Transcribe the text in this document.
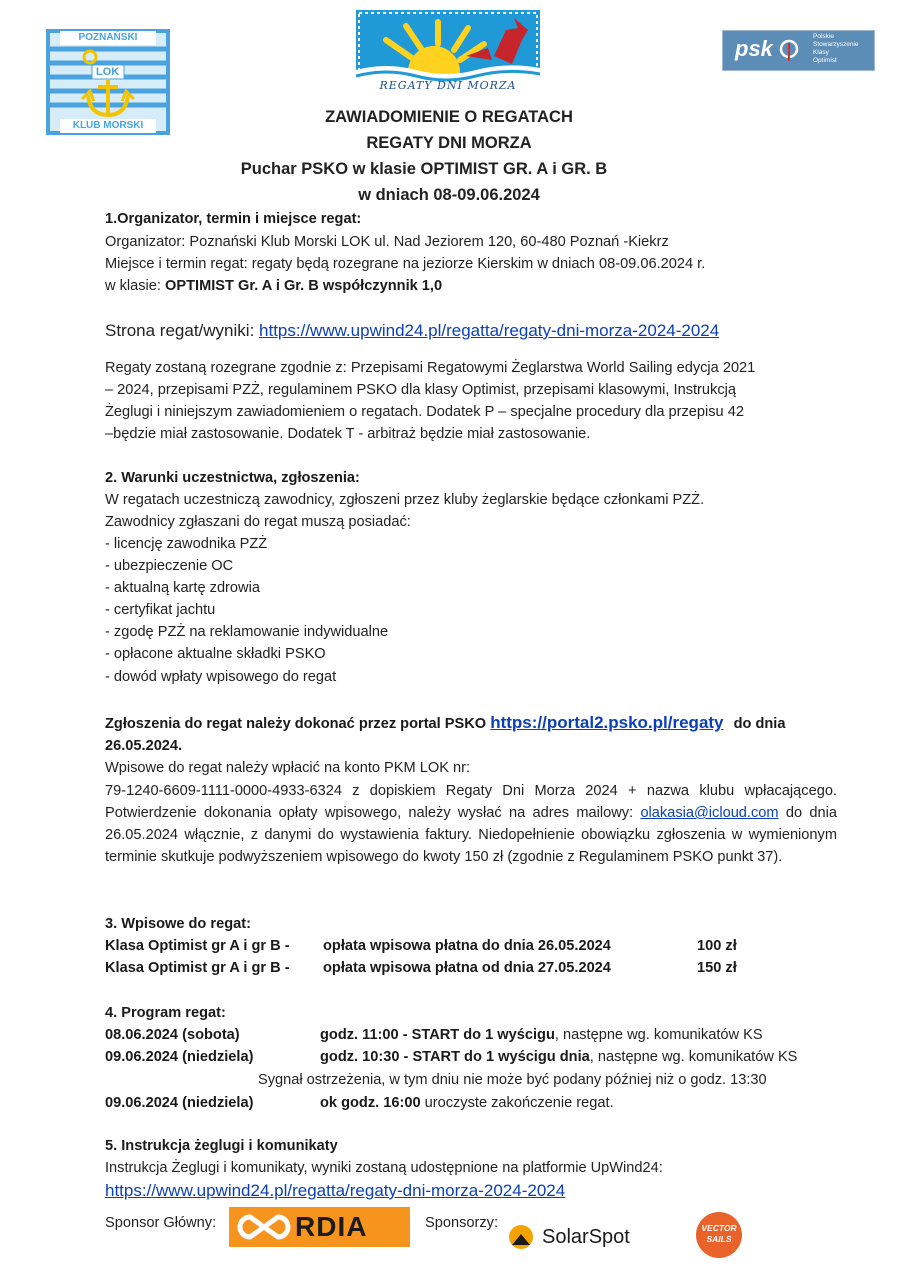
POZNAŃSKI
LOK
KLUB MORSKI
REGATY DNI MORZA
psk	Polskie
Stowarzyszenie
Klasy
Optimist
ZAWIADOMIENIE O REGATACH
REGATY DNI MORZA
Puchar PSKO w klasie OPTIMIST GR. A i GR. B
w dniach 08-09.06.2024
1.Organizator, termin i miejsce regat:
Organizator: Poznański Klub Morski LOK ul. Nad Jeziorem 120, 60-480 Poznań -Kiekrz
Miejsce i termin regat: regaty będą rozegrane na jeziorze Kierskim w dniach 08-09.06.2024 r.
w klasie: OPTIMIST Gr. A i Gr. B współczynnik 1,0
Strona regat/wyniki: https://www.upwind24.pl/regatta/regaty-dni-morza-2024-2024
Regaty zostaną rozegrane zgodnie z: Przepisami Regatowymi Żeglarstwa World Sailing edycja 2021
– 2024, przepisami PZŻ, regulaminem PSKO dla klasy Optimist, przepisami klasowymi, Instrukcją
Żeglugi i niniejszym zawiadomieniem o regatach. Dodatek P – specjalne procedury dla przepisu 42
–będzie miał zastosowanie. Dodatek T - arbitraż będzie miał zastosowanie.
2. Warunki uczestnictwa, zgłoszenia:
W regatach uczestniczą zawodnicy, zgłoszeni przez kluby żeglarskie będące członkami PZŻ.
Zawodnicy zgłaszani do regat muszą posiadać:
- licencję zawodnika PZŻ
- ubezpieczenie OC
- aktualną kartę zdrowia
- certyfikat jachtu
- zgodę PZŻ na reklamowanie indywidualne
- opłacone aktualne składki PSKO
- dowód wpłaty wpisowego do regat
Zgłoszenia do regat należy dokonać przez portal PSKO https://portal2.psko.pl/regaty do dnia
26.05.2024.
Wpisowe do regat należy wpłacić na konto PKM LOK nr:
79-1240-6609-1111-0000-4933-6324 z dopiskiem Regaty Dni Morza 2024 + nazwa klubu wpłacającego. Potwierdzenie dokonania opłaty wpisowego, należy wysłać na adres mailowy: olakasia@icloud.com do dnia 26.05.2024 włącznie, z danymi do wystawienia faktury. Niedopełnienie obowiązku zgłoszenia w wymienionym terminie skutkuje podwyższeniem wpisowego do kwoty 150 zł (zgodnie z Regulaminem PSKO punkt 37).
3. Wpisowe do regat:
Klasa Optimist gr A i gr B - opłata wpisowa płatna do dnia 26.05.2024	100 zł
Klasa Optimist gr A i gr B - opłata wpisowa płatna od dnia 27.05.2024	150 zł
4. Program regat:
08.06.2024 (sobota)	godz. 11:00 - START do 1 wyścigu, następne wg. komunikatów KS
09.06.2024 (niedziela)	godz. 10:30 - START do 1 wyścigu dnia, następne wg. komunikatów KS
Sygnał ostrzeżenia, w tym dniu nie może być podany później niż o godz. 13:30
09.06.2024 (niedziela)	ok godz. 16:00 uroczyste zakończenie regat.
5. Instrukcja żeglugi i komunikaty
Instrukcja Żeglugi i komunikaty, wyniki zostaną udostępnione na platformie UpWind24:
https://www.upwind24.pl/regatta/regaty-dni-morza-2024-2024
Sponsor Główny:	RDIA	Sponsorzy:
SolarSpot	VECTOR
SAILS
